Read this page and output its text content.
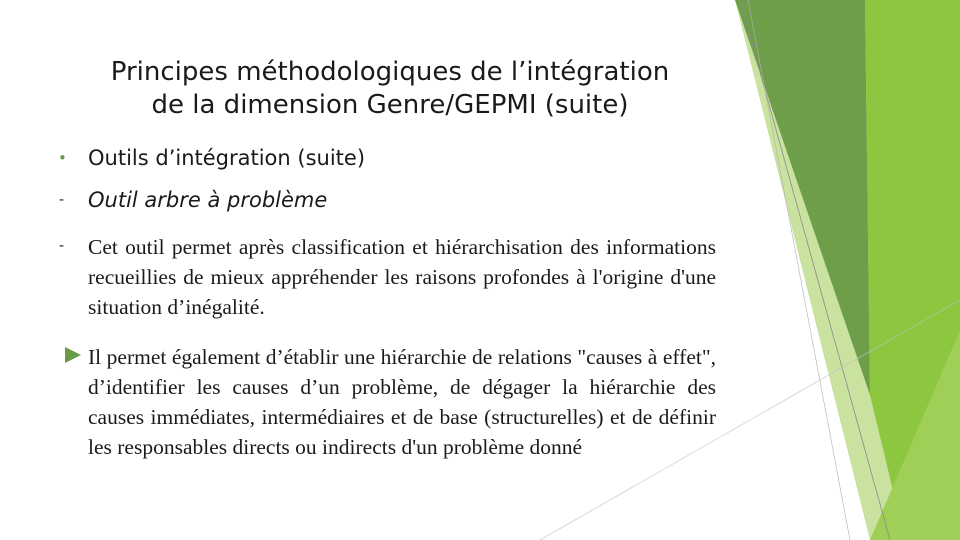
Principes méthodologiques de l’intégration
de la dimension Genre/GEPMI (suite)
• Outils d’intégration (suite)
- Outil arbre à problème
- Cet outil permet après classification et hiérarchisation des informations recueillies de mieux appréhender les raisons profondes à l'origine d'une situation d’inégalité.
Il permet également d’établir une hiérarchie de relations "causes à effet", d’identifier les causes d’un problème, de dégager la hiérarchie des causes immédiates, intermédiaires et de base (structurelles) et de définir les responsables directs ou indirects d'un problème donné
